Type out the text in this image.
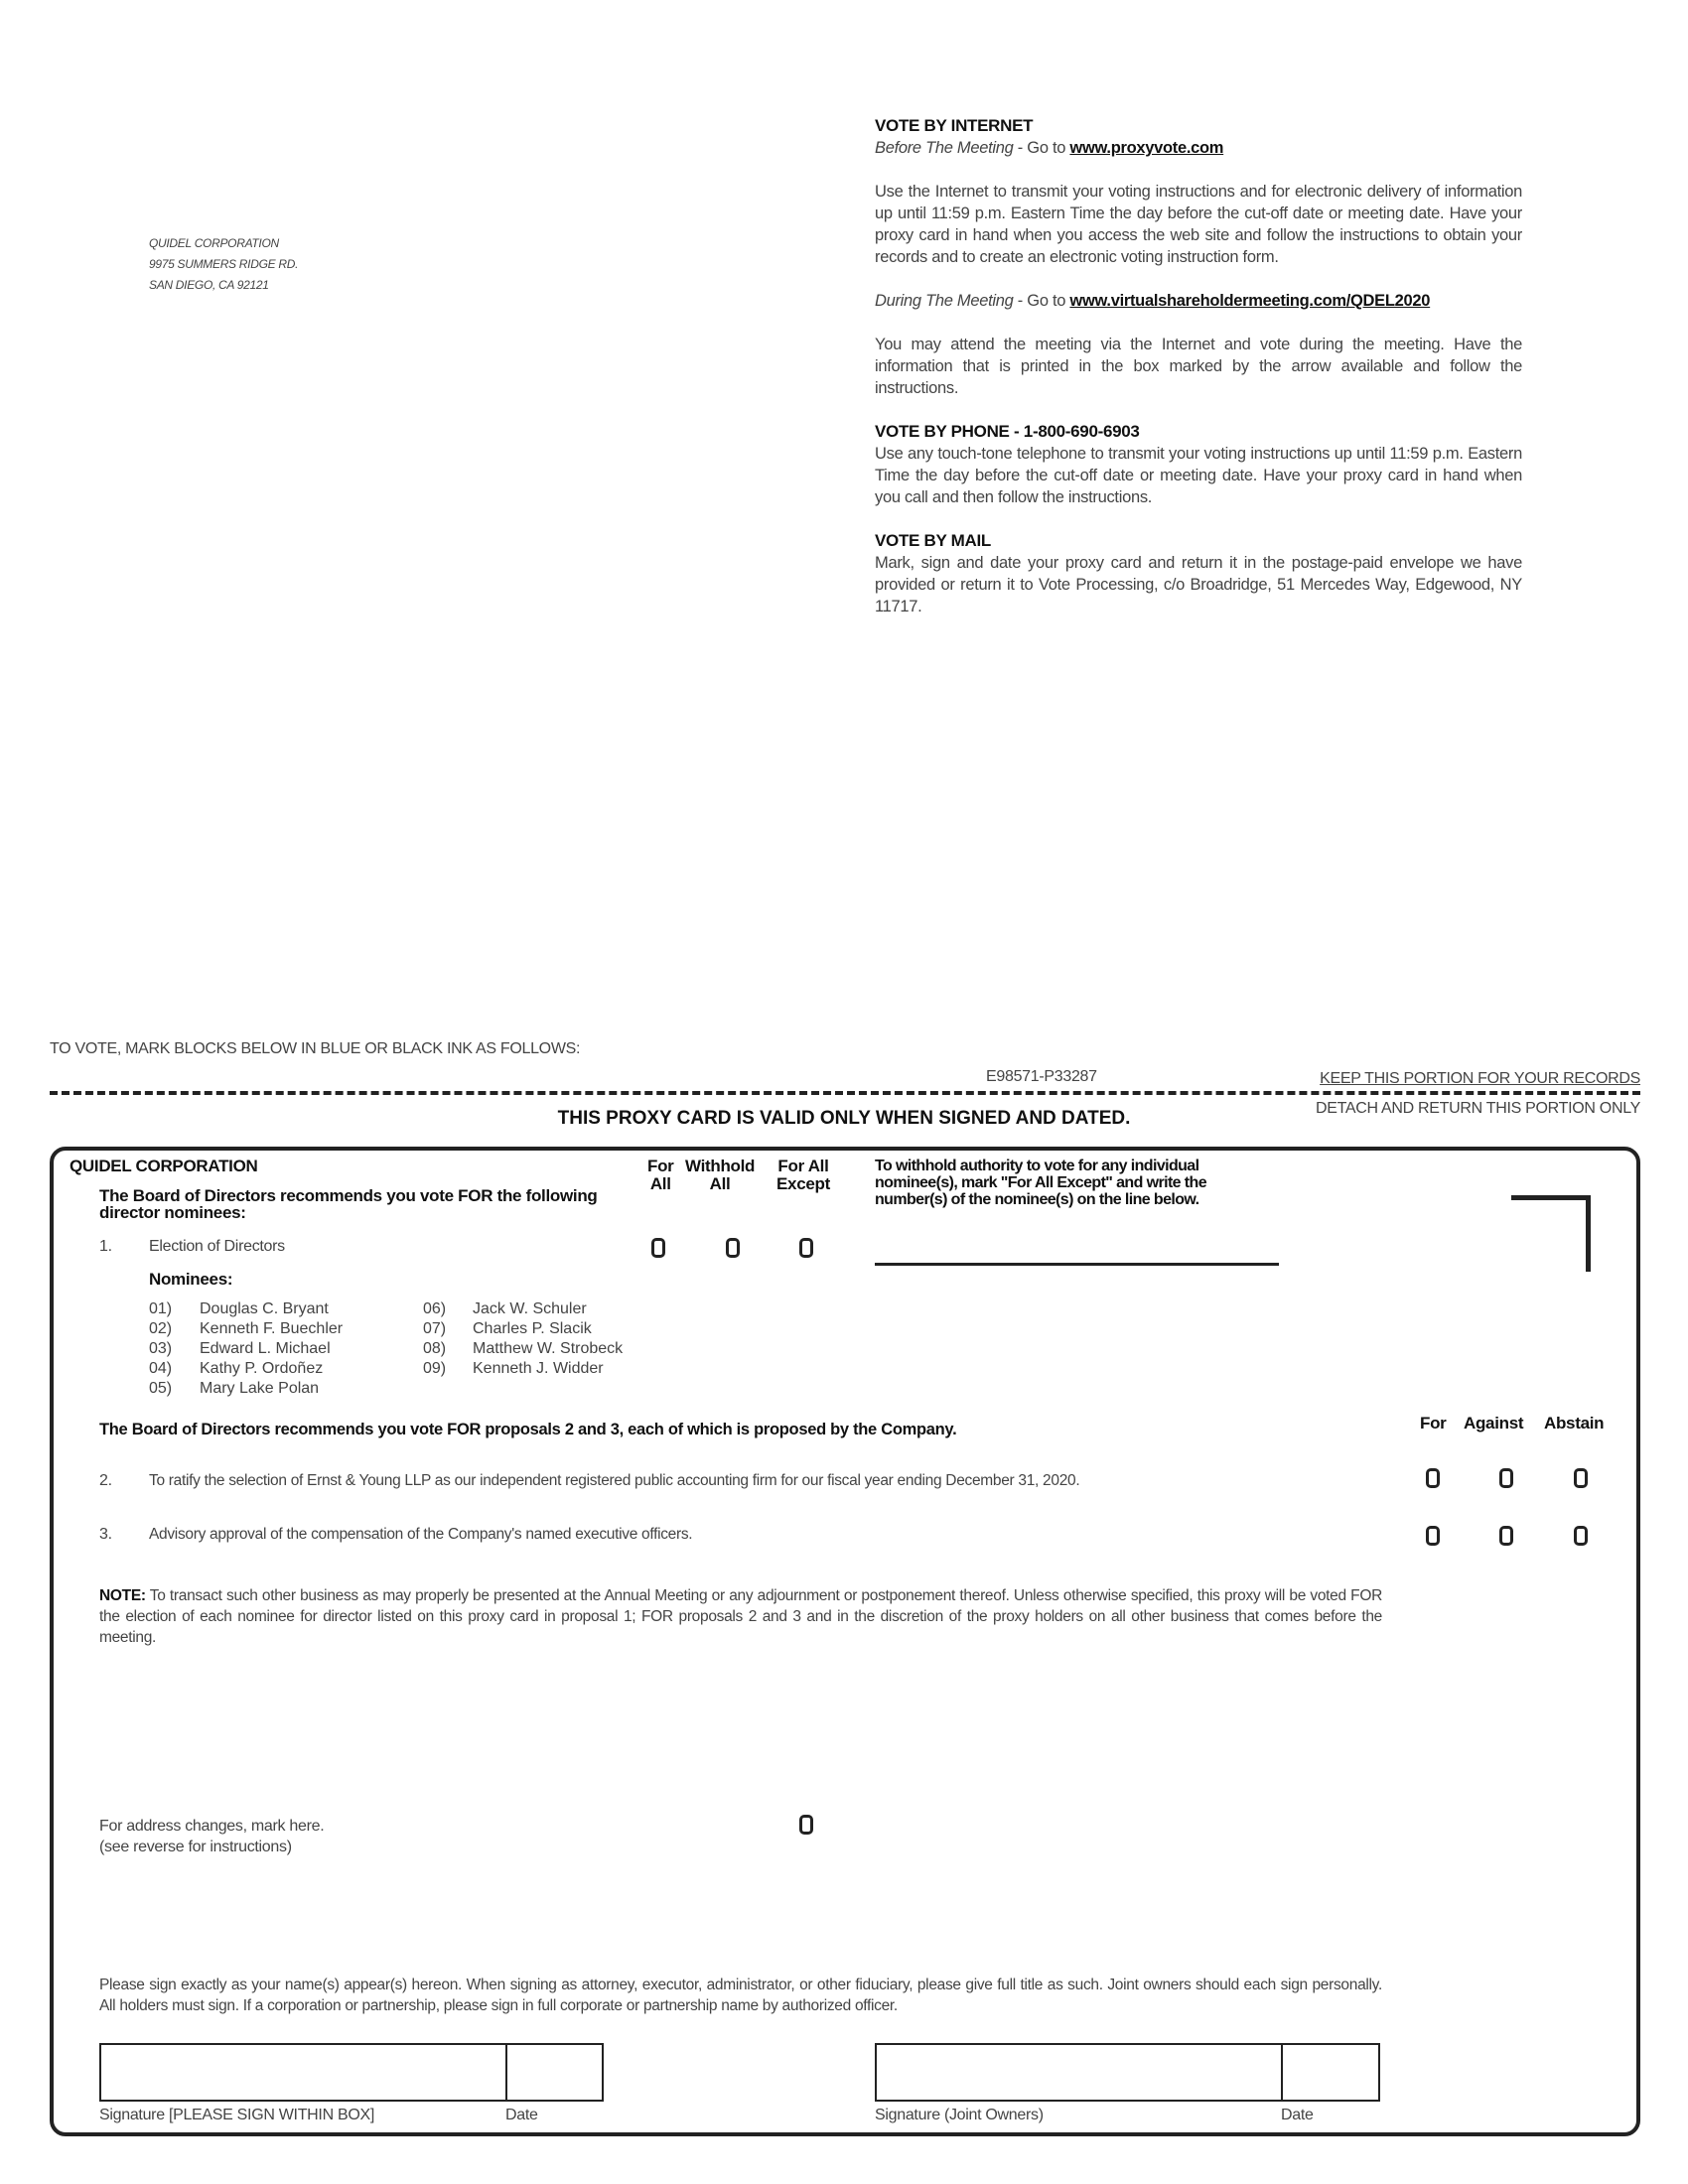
QUIDEL CORPORATION
9975 SUMMERS RIDGE RD.
SAN DIEGO, CA 92121
VOTE BY INTERNET

Before The Meeting - Go to www.proxyvote.com

Use the Internet to transmit your voting instructions and for electronic delivery of information up until 11:59 p.m. Eastern Time the day before the cut-off date or meeting date. Have your proxy card in hand when you access the web site and follow the instructions to obtain your records and to create an electronic voting instruction form.

During The Meeting - Go to www.virtualshareholdermeeting.com/QDEL2020

You may attend the meeting via the Internet and vote during the meeting. Have the information that is printed in the box marked by the arrow available and follow the instructions.

VOTE BY PHONE - 1-800-690-6903

Use any touch-tone telephone to transmit your voting instructions up until 11:59 p.m. Eastern Time the day before the cut-off date or meeting date. Have your proxy card in hand when you call and then follow the instructions.

VOTE BY MAIL

Mark, sign and date your proxy card and return it in the postage-paid envelope we have provided or return it to Vote Processing, c/o Broadridge, 51 Mercedes Way, Edgewood, NY 11717.

TO VOTE, MARK BLOCKS BELOW IN BLUE OR BLACK INK AS FOLLOWS:
E98571-P33287	KEEP THIS PORTION FOR YOUR RECORDS
DETACH AND RETURN THIS PORTION ONLY
THIS PROXY CARD IS VALID ONLY WHEN SIGNED AND DATED.
QUIDEL CORPORATION
The Board of Directors recommends you vote FOR the following director nominees:
For
All
Withhold
All
For All
Except
To withhold authority to vote for any individual nominee(s), mark "For All Except" and write the number(s) of the nominee(s) on the line below.
1. Election of Directors
Nominees:
01) Douglas C. Bryant
02) Kenneth F. Buechler
03) Edward L. Michael
04) Kathy P. Ordoñez
05) Mary Lake Polan
06) Jack W. Schuler
07) Charles P. Slacik
08) Matthew W. Strobeck
09) Kenneth J. Widder
The Board of Directors recommends you vote FOR proposals 2 and 3, each of which is proposed by the Company.	For Against Abstain
2. To ratify the selection of Ernst & Young LLP as our independent registered public accounting firm for our fiscal year ending December 31, 2020.
3. Advisory approval of the compensation of the Company's named executive officers.
NOTE: To transact such other business as may properly be presented at the Annual Meeting or any adjournment or postponement thereof. Unless otherwise specified, this proxy will be voted FOR the election of each nominee for director listed on this proxy card in proposal 1; FOR proposals 2 and 3 and in the discretion of the proxy holders on all other business that comes before the meeting.
For address changes, mark here.
(see reverse for instructions)
Please sign exactly as your name(s) appear(s) hereon. When signing as attorney, executor, administrator, or other fiduciary, please give full title as such. Joint owners should each sign personally. All holders must sign. If a corporation or partnership, please sign in full corporate or partnership name by authorized officer.
Signature [PLEASE SIGN WITHIN BOX]	Date	Signature (Joint Owners)	Date
